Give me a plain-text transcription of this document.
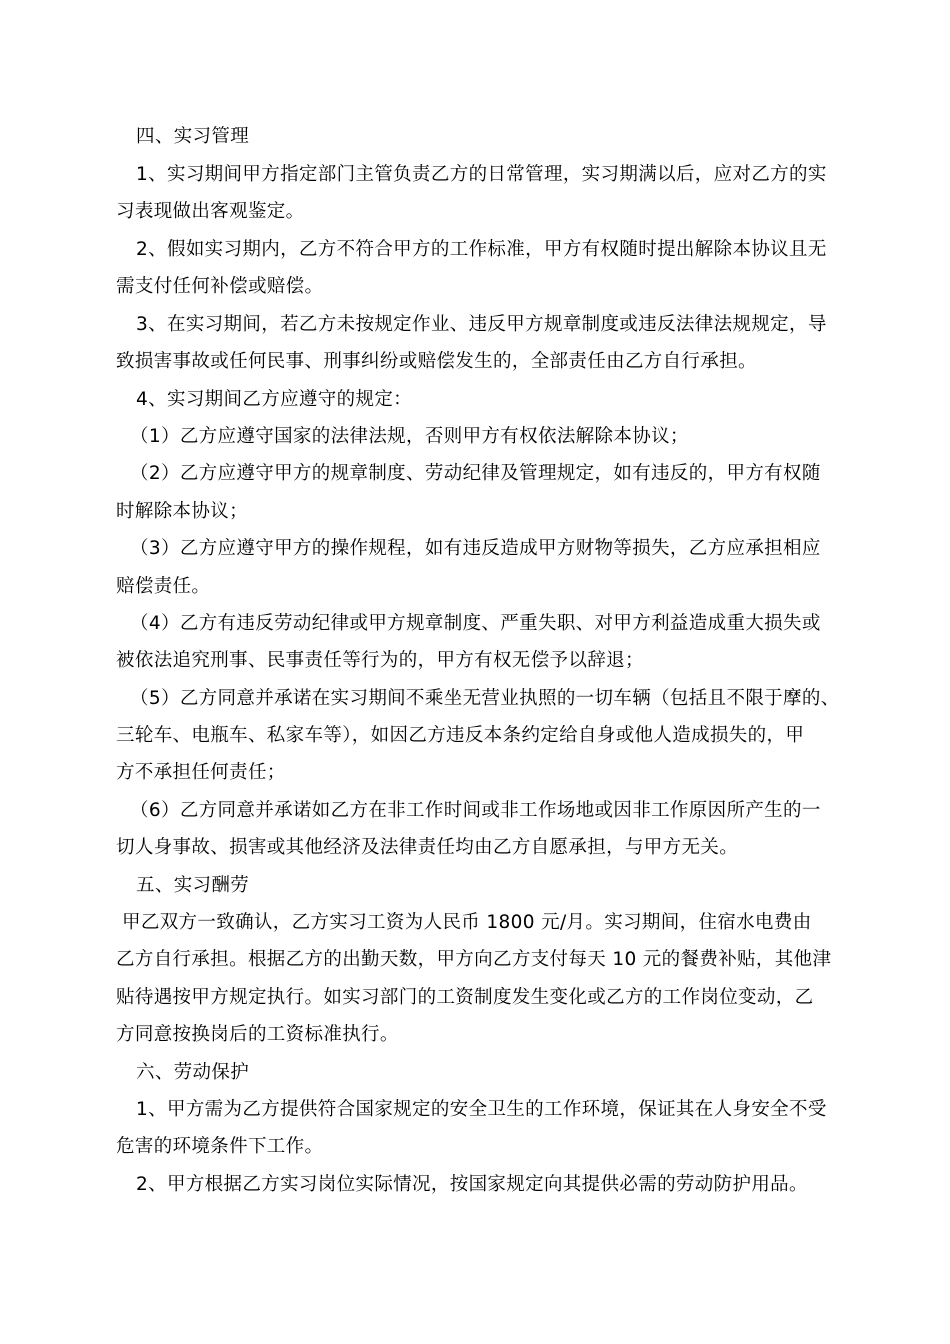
四、实习管理
1、实习期间甲方指定部门主管负责乙方的日常管理，实习期满以后，应对乙方的实
习表现做出客观鉴定。
2、假如实习期内，乙方不符合甲方的工作标准，甲方有权随时提出解除本协议且无
需支付任何补偿或赔偿。
3、在实习期间，若乙方未按规定作业、违反甲方规章制度或违反法律法规规定，导
致损害事故或任何民事、刑事纠纷或赔偿发生的，全部责任由乙方自行承担。
4、实习期间乙方应遵守的规定：
（1）乙方应遵守国家的法律法规，否则甲方有权依法解除本协议；
（2）乙方应遵守甲方的规章制度、劳动纪律及管理规定，如有违反的，甲方有权随
时解除本协议；
（3）乙方应遵守甲方的操作规程，如有违反造成甲方财物等损失，乙方应承担相应
赔偿责任。
（4）乙方有违反劳动纪律或甲方规章制度、严重失职、对甲方利益造成重大损失或
被依法追究刑事、民事责任等行为的，甲方有权无偿予以辞退；
（5）乙方同意并承诺在实习期间不乘坐无营业执照的一切车辆（包括且不限于摩的、
三轮车、电瓶车、私家车等），如因乙方违反本条约定给自身或他人造成损失的，甲
方不承担任何责任；
（6）乙方同意并承诺如乙方在非工作时间或非工作场地或因非工作原因所产生的一
切人身事故、损害或其他经济及法律责任均由乙方自愿承担，与甲方无关。
五、实习酬劳
甲乙双方一致确认，乙方实习工资为人民币 1800 元/月。实习期间，住宿水电费由
乙方自行承担。根据乙方的出勤天数，甲方向乙方支付每天 10 元的餐费补贴，其他津
贴待遇按甲方规定执行。如实习部门的工资制度发生变化或乙方的工作岗位变动，乙
方同意按换岗后的工资标准执行。
六、劳动保护
1、甲方需为乙方提供符合国家规定的安全卫生的工作环境，保证其在人身安全不受
危害的环境条件下工作。
2、甲方根据乙方实习岗位实际情况，按国家规定向其提供必需的劳动防护用品。
